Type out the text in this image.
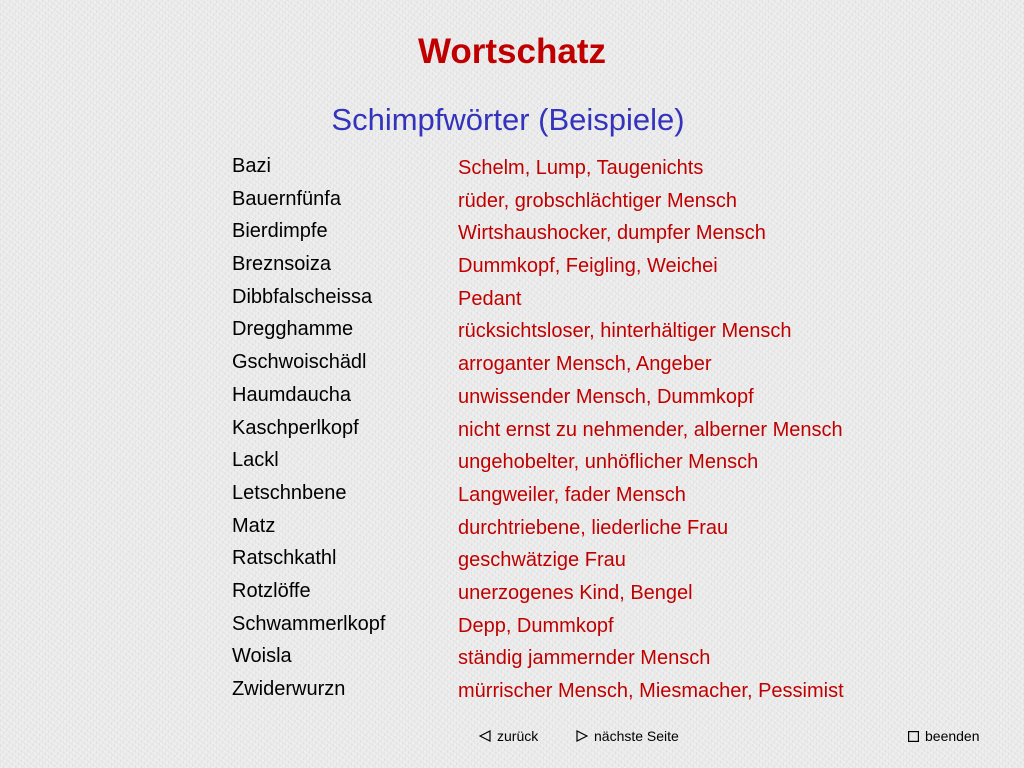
Wortschatz
Schimpfwörter (Beispiele)
Bazi
Bauernfünfa
Bierdimpfe
Breznsoiza
Dibbfalscheissa
Dregghamme
Gschwoischädl
Haumdaucha
Kaschperlkopf
Lackl
Letschnbene
Matz
Ratschkathl
Rotzlöffe
Schwammerlkopf
Woisla
Zwiderwurzn
Schelm, Lump, Taugenichts
rüder, grobschlächtiger Mensch
Wirtshaushocker, dumpfer Mensch
Dummkopf, Feigling, Weichei
Pedant
rücksichtsloser, hinterhältiger Mensch
arroganter Mensch, Angeber
unwissender Mensch, Dummkopf
nicht ernst zu nehmender, alberner Mensch
ungehobelter, unhöflicher Mensch
Langweiler, fader Mensch
durchtriebene, liederliche Frau
geschwätzige Frau
unerzogenes Kind, Bengel
Depp, Dummkopf
ständig jammernder Mensch
mürrischer Mensch, Miesmacher, Pessimist
zurück	nächste Seite	beenden
